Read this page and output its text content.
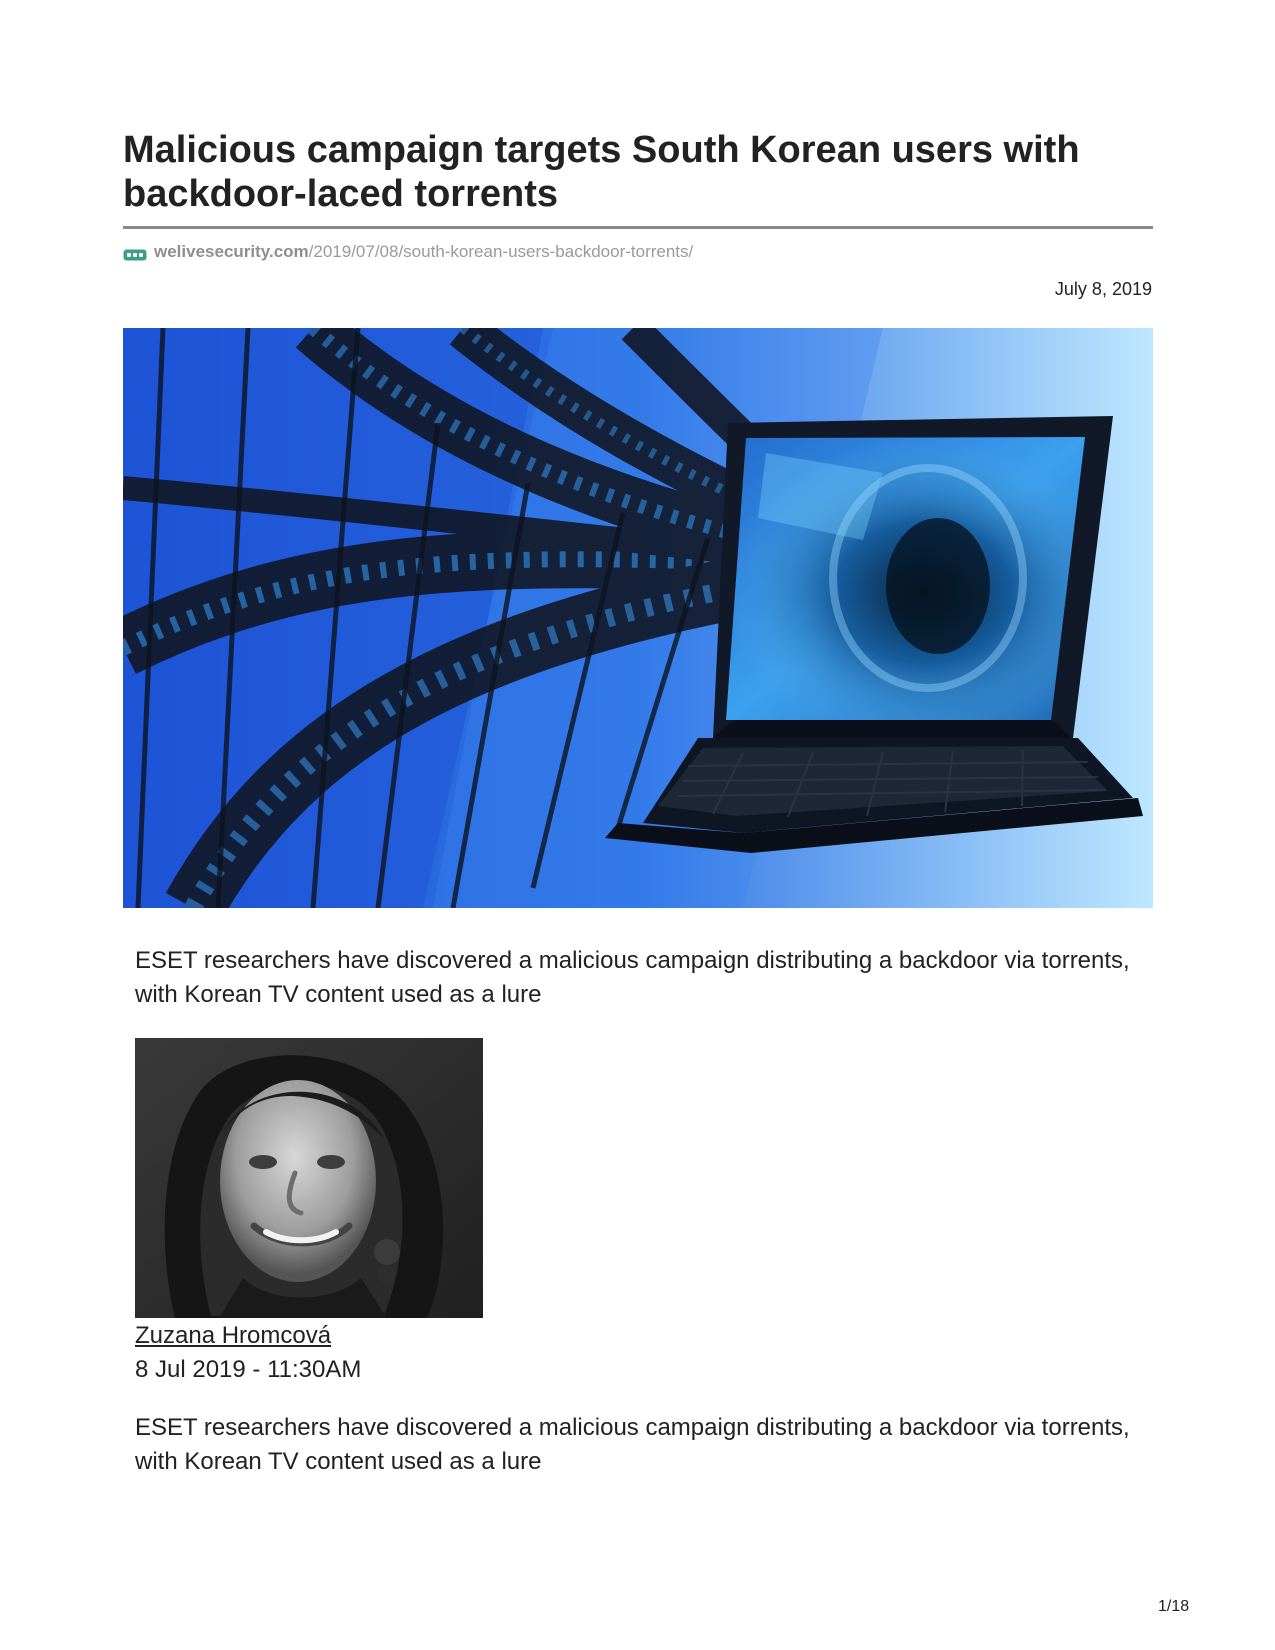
Malicious campaign targets South Korean users with backdoor-laced torrents
welivesecurity.com /2019/07/08/south-korean-users-backdoor-torrents/
July 8, 2019

ESET researchers have discovered a malicious campaign distributing a backdoor via torrents, with Korean TV content used as a lure

Zuzana Hromcová
8 Jul 2019 - 11:30AM

ESET researchers have discovered a malicious campaign distributing a backdoor via torrents, with Korean TV content used as a lure

1/18
